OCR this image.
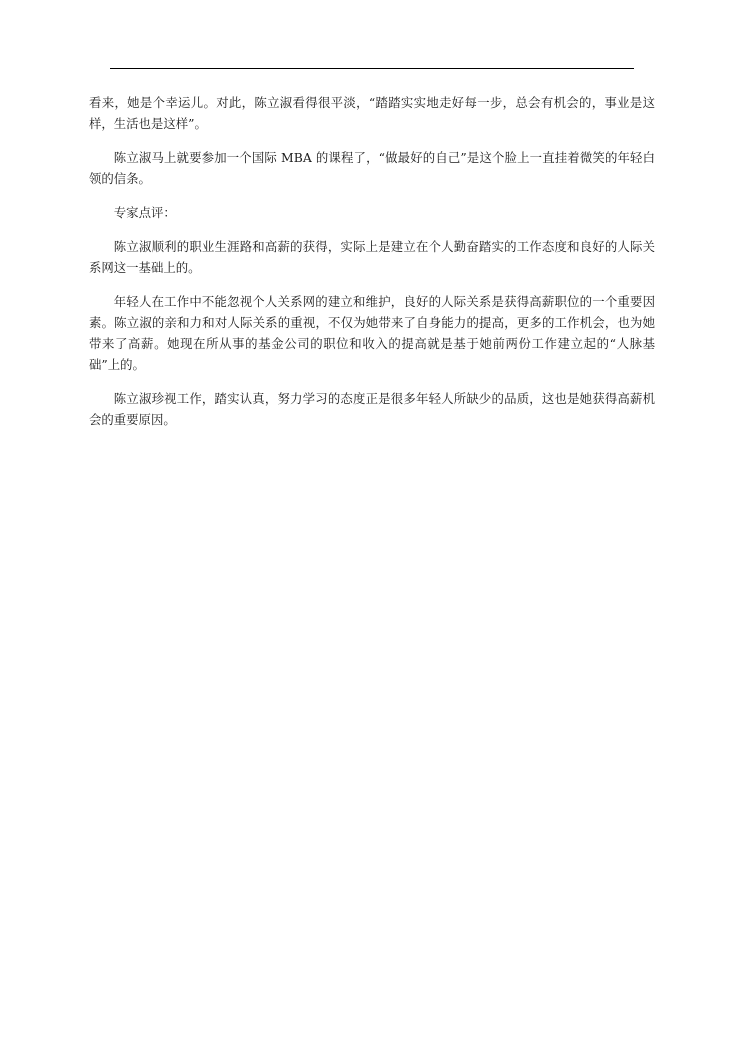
看来，她是个幸运儿。对此，陈立淑看得很平淡，“踏踏实实地走好每一步，总会有机会的，事业是这样，生活也是这样”。

陈立淑马上就要参加一个国际 MBA 的课程了，“做最好的自己”是这个脸上一直挂着微笑的年轻白领的信条。

专家点评：

陈立淑顺利的职业生涯路和高薪的获得，实际上是建立在个人勤奋踏实的工作态度和良好的人际关系网这一基础上的。

年轻人在工作中不能忽视个人关系网的建立和维护，良好的人际关系是获得高薪职位的一个重要因素。陈立淑的亲和力和对人际关系的重视，不仅为她带来了自身能力的提高，更多的工作机会，也为她带来了高薪。她现在所从事的基金公司的职位和收入的提高就是基于她前两份工作建立起的“人脉基础”上的。

陈立淑珍视工作，踏实认真，努力学习的态度正是很多年轻人所缺少的品质，这也是她获得高薪机会的重要原因。
